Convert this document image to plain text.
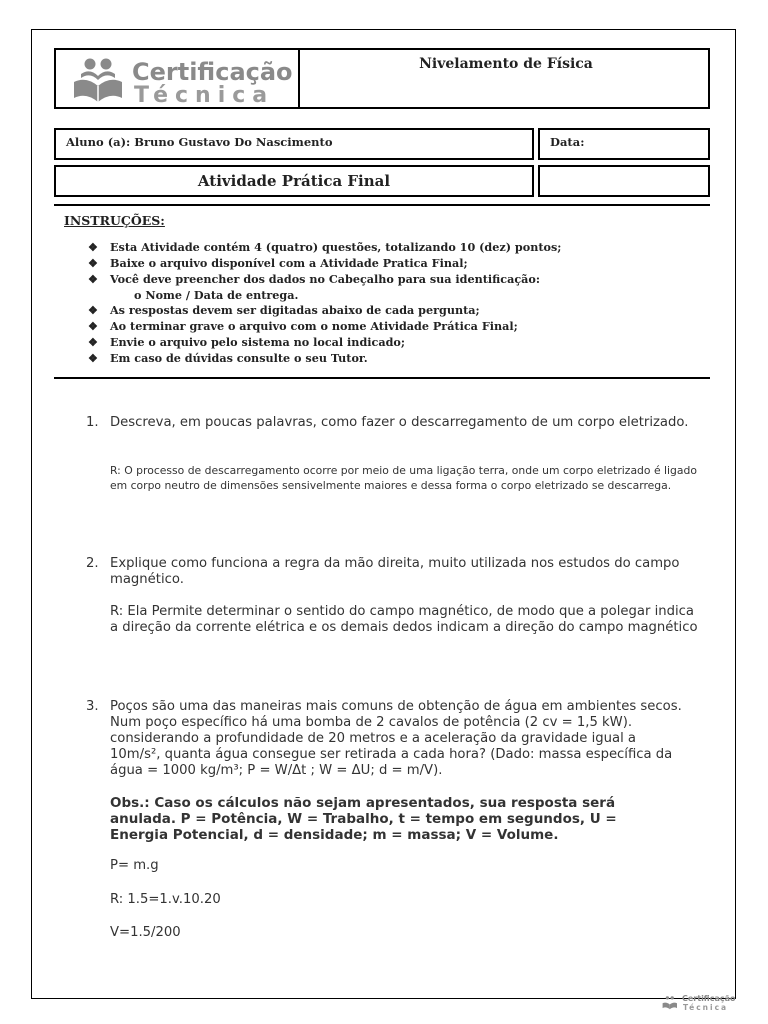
Certificação
Técnica
Nivelamento de Física
Aluno (a): Bruno Gustavo Do Nascimento	Data:
Atividade Prática Final
INSTRUÇÕES:
❖ Esta Atividade contém 4 (quatro) questões, totalizando 10 (dez) pontos;
❖ Baixe o arquivo disponível com a Atividade Pratica Final;
❖ Você deve preencher dos dados no Cabeçalho para sua identificação:
❖ As respostas devem ser digitadas abaixo de cada pergunta;
❖ Ao terminar grave o arquivo com o nome Atividade Prática Final;
❖ Envie o arquivo pelo sistema no local indicado;
❖ Em caso de dúvidas consulte o seu Tutor.
o Nome / Data de entrega.
1. Descreva, em poucas palavras, como fazer o descarregamento de um corpo eletrizado.
R: O processo de descarregamento ocorre por meio de uma ligação terra, onde um corpo eletrizado é ligado em corpo neutro de dimensões sensivelmente maiores e dessa forma o corpo eletrizado se descarrega.
2. Explique como funciona a regra da mão direita, muito utilizada nos estudos do campo magnético.
R: Ela Permite determinar o sentido do campo magnético, de modo que a polegar indica a direção da corrente elétrica e os demais dedos indicam a direção do campo magnético
3. Poços são uma das maneiras mais comuns de obtenção de água em ambientes secos. Num poço específico há uma bomba de 2 cavalos de potência (2 cv = 1,5 kW). considerando a profundidade de 20 metros e a aceleração da gravidade igual a 10m/s², quanta água consegue ser retirada a cada hora? (Dado: massa específica da água = 1000 kg/m³; P = W/Δt ; W = ΔU; d = m/V).
Obs.: Caso os cálculos não sejam apresentados, sua resposta será anulada. P = Potência, W = Trabalho, t = tempo em segundos, U = Energia Potencial, d = densidade; m = massa; V = Volume.
P= m.g
R: 1.5=1.v.10.20
V=1.5/200
Certificação
Técnica
